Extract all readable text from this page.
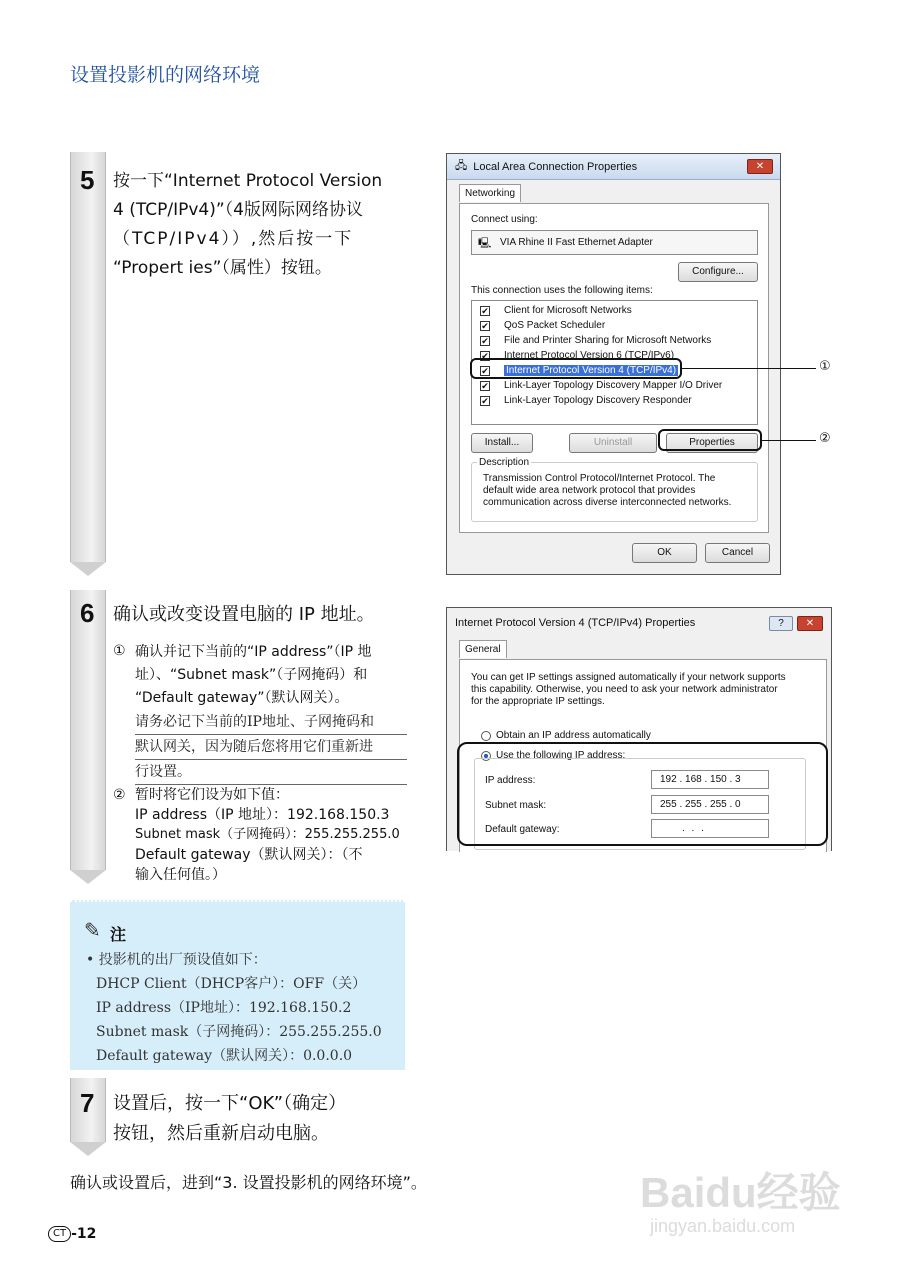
设置投影机的网络环境
5 按一下“Internet Protocol Version
4 (TCP/IPv4)”（4版网际网络协议
（TCP/IPv4））,然后按一下
“Propert ies”（属性）按钮。
🖧 Local Area Connection Properties	✕
Networking
Connect using:
🖳 VIA Rhine II Fast Ethernet Adapter
Configure...
This connection uses the following items:
✔ Client for Microsoft Networks
✔ QoS Packet Scheduler
✔ File and Printer Sharing for Microsoft Networks
✔ Internet Protocol Version 6 (TCP/IPv6)
✔ Internet Protocol Version 4 (TCP/IPv4)
✔ Link-Layer Topology Discovery Mapper I/O Driver
✔ Link-Layer Topology Discovery Responder
Install...	Uninstall	Properties
Description
Transmission Control Protocol/Internet Protocol. The default wide area network protocol that provides communication across diverse interconnected networks.
OK	Cancel
①
②
6 确认或改变设置电脑的 IP 地址。
① 确认并记下当前的“IP address”（IP 地
址）、“Subnet mask”（子网掩码）和
“Default gateway”（默认网关）。
请务必记下当前的IP地址、子网掩码和
默认网关，因为随后您将用它们重新进
行设置。
② 暂时将它们设为如下值：
IP address（IP 地址）：192.168.150.3
Subnet mask（子网掩码）：255.255.255.0
Default gateway（默认网关）：（不
输入任何值。）
Internet Protocol Version 4 (TCP/IPv4) Properties	?	✕
General
You can get IP settings assigned automatically if your network supports
this capability. Otherwise, you need to ask your network administrator
for the appropriate IP settings.
Obtain an IP address automatically
Use the following IP address:
IP address:	192 . 168 . 150 . 3
Subnet mask:	255 . 255 . 255 . 0
Default gateway:	. . .
✎ 注
• 投影机的出厂预设值如下：
DHCP Client（DHCP客户）：OFF（关）
IP address（IP地址）：192.168.150.2
Subnet mask（子网掩码）：255.255.255.0
Default gateway（默认网关）：0.0.0.0
7 设置后，按一下“OK”（确定）
按钮，然后重新启动电脑。
确认或设置后，进到“3. 设置投影机的网络环境”。
CT -12
Baidu经验
jingyan.baidu.com
